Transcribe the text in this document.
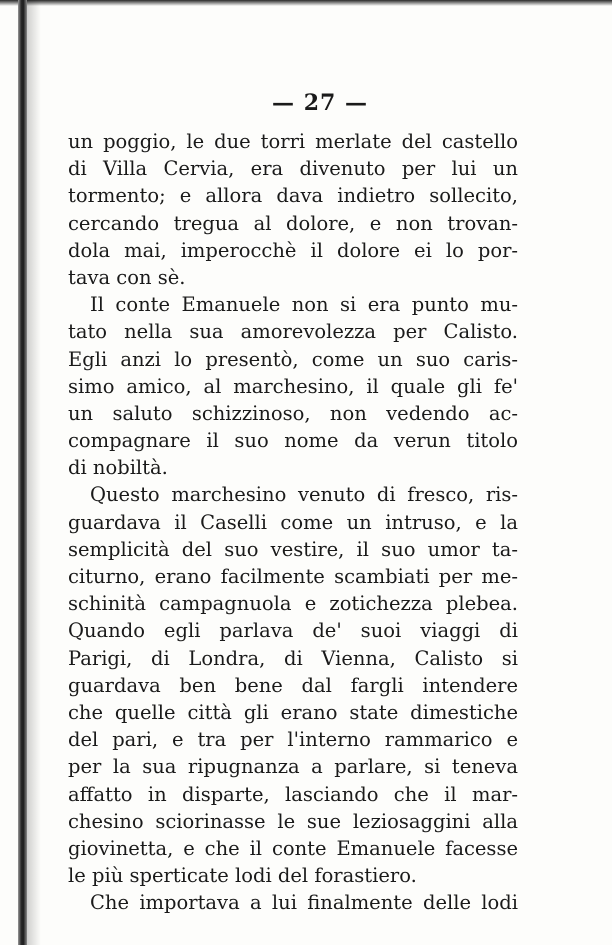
— 27 —
un poggio, le due torri merlate del castello
di Villa Cervia, era divenuto per lui un
tormento; e allora dava indietro sollecito,
cercando tregua al dolore, e non trovan-
dola mai, imperocchè il dolore ei lo por-
tava con sè.
Il conte Emanuele non si era punto mu-
tato nella sua amorevolezza per Calisto.
Egli anzi lo presentò, come un suo caris-
simo amico, al marchesino, il quale gli fe'
un saluto schizzinoso, non vedendo ac-
compagnare il suo nome da verun titolo
di nobiltà.
Questo marchesino venuto di fresco, ris-
guardava il Caselli come un intruso, e la
semplicità del suo vestire, il suo umor ta-
citurno, erano facilmente scambiati per me-
schinità campagnuola e zotichezza plebea.
Quando egli parlava de' suoi viaggi di
Parigi, di Londra, di Vienna, Calisto si
guardava ben bene dal fargli intendere
che quelle città gli erano state dimestiche
del pari, e tra per l'interno rammarico e
per la sua ripugnanza a parlare, si teneva
affatto in disparte, lasciando che il mar-
chesino sciorinasse le sue leziosaggini alla
giovinetta, e che il conte Emanuele facesse
le più sperticate lodi del forastiero.
Che importava a lui finalmente delle lodi
